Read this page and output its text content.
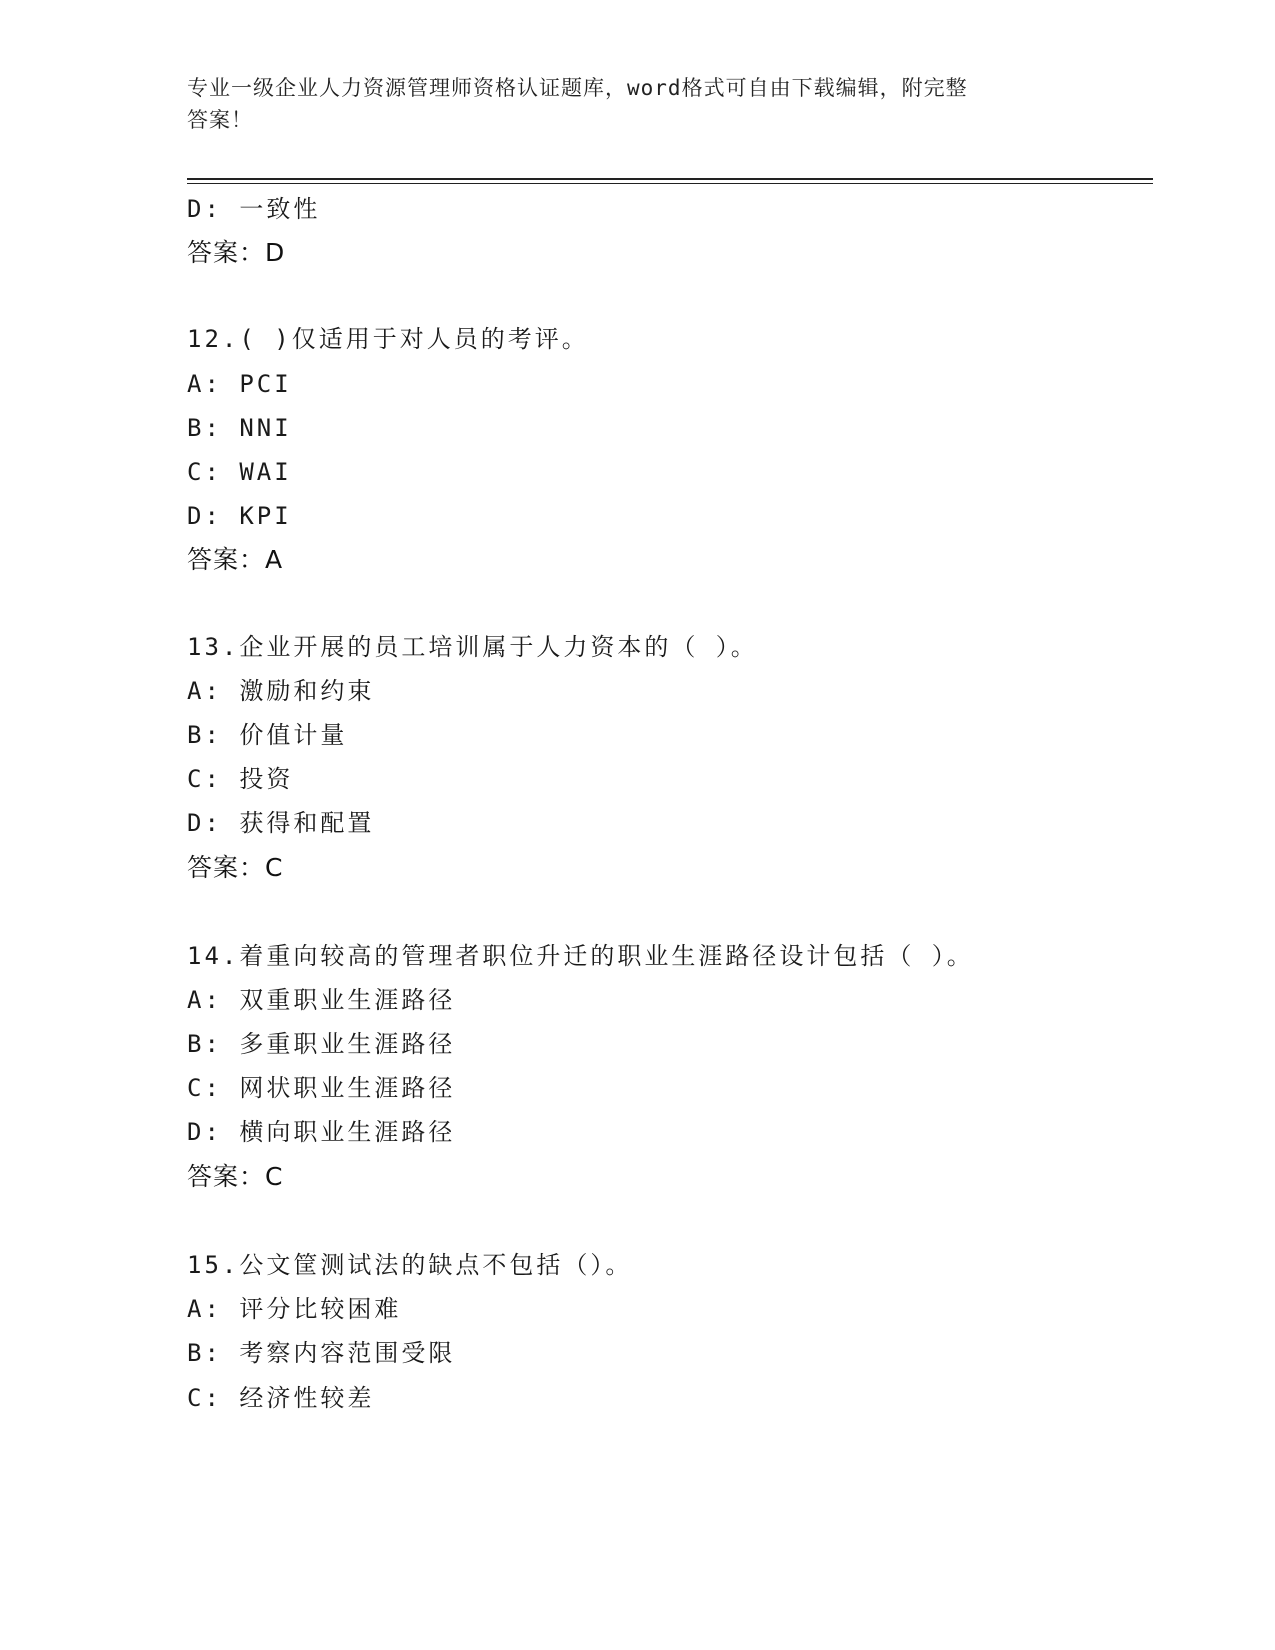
专业一级企业人力资源管理师资格认证题库，word格式可自由下载编辑，附完整
答案！
D: 一致性
答案：D
12.( )仅适用于对人员的考评。
A: PCI
B: NNI
C: WAI
D: KPI
答案：A
13.企业开展的员工培训属于人力资本的（ ）。
A: 激励和约束
B: 价值计量
C: 投资
D: 获得和配置
答案：C
14.着重向较高的管理者职位升迁的职业生涯路径设计包括（ ）。
A: 双重职业生涯路径
B: 多重职业生涯路径
C: 网状职业生涯路径
D: 横向职业生涯路径
答案：C
15.公文筐测试法的缺点不包括（）。
A: 评分比较困难
B: 考察内容范围受限
C: 经济性较差
